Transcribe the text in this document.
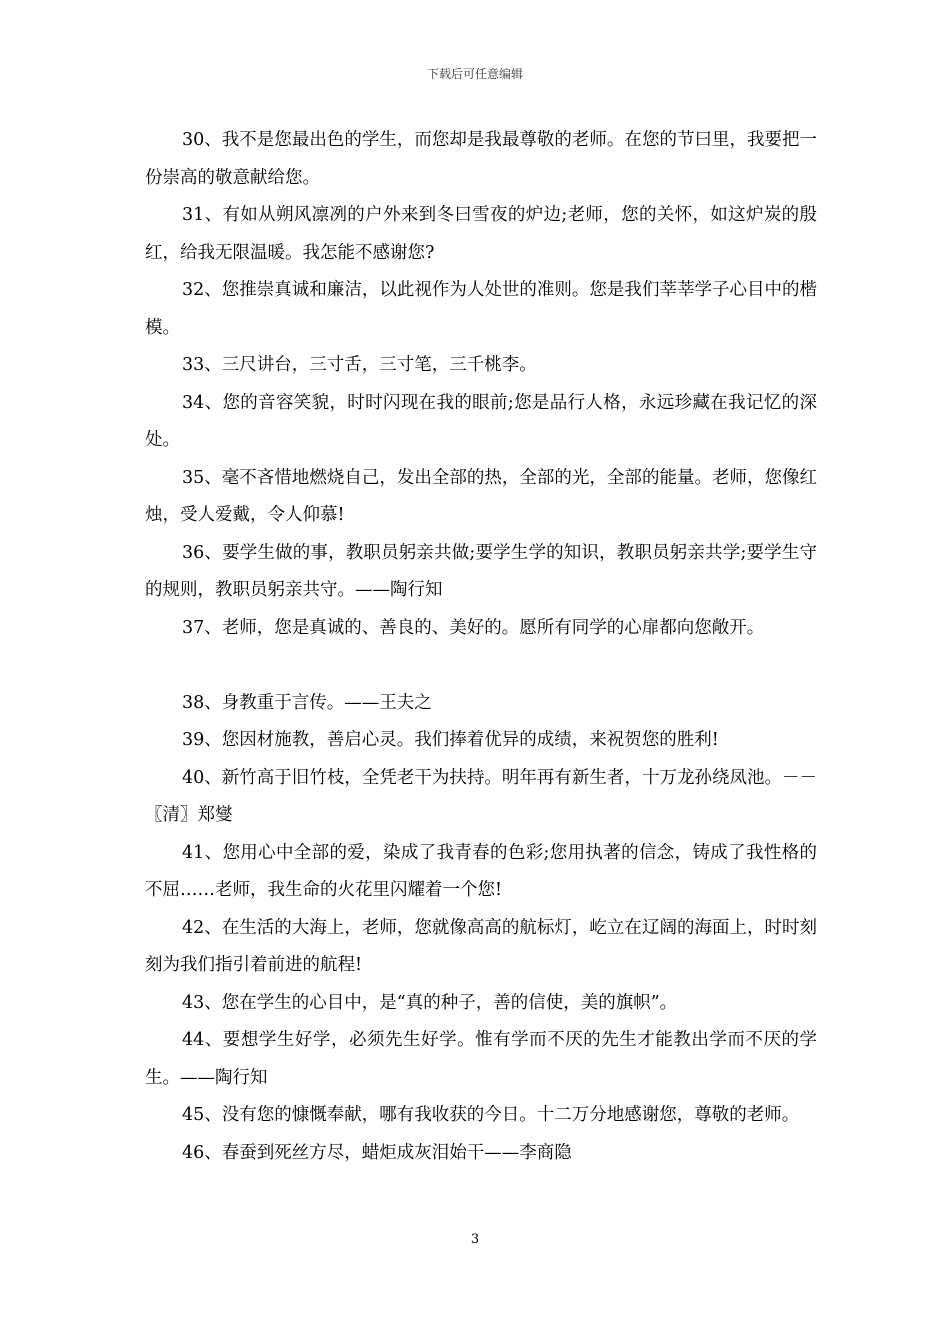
下载后可任意编辑

30、我不是您最出色的学生，而您却是我最尊敬的老师。在您的节曰里，我要把一份崇高的敬意献给您。

31、有如从朔风凛冽的户外来到冬曰雪夜的炉边;老师，您的关怀，如这炉炭的殷红，给我无限温暖。我怎能不感谢您?

32、您推崇真诚和廉洁，以此视作为人处世的准则。您是我们莘莘学子心目中的楷模。

33、三尺讲台，三寸舌，三寸笔，三千桃李。

34、您的音容笑貌，时时闪现在我的眼前;您是品行人格，永远珍藏在我记忆的深处。

35、毫不吝惜地燃烧自己，发出全部的热，全部的光，全部的能量。老师，您像红烛，受人爱戴，令人仰慕!

36、要学生做的事，教职员躬亲共做;要学生学的知识，教职员躬亲共学;要学生守的规则，教职员躬亲共守。——陶行知

37、老师，您是真诚的、善良的、美好的。愿所有同学的心扉都向您敞开。

38、身教重于言传。——王夫之

39、您因材施教，善启心灵。我们捧着优异的成绩，来祝贺您的胜利!

40、新竹高于旧竹枝，全凭老干为扶持。明年再有新生者，十万龙孙绕凤池。－－〖清〗郑燮

41、您用心中全部的爱，染成了我青春的色彩;您用执著的信念，铸成了我性格的不屈……老师，我生命的火花里闪耀着一个您!

42、在生活的大海上，老师，您就像高高的航标灯，屹立在辽阔的海面上，时时刻刻为我们指引着前进的航程!

43、您在学生的心目中，是“真的种子，善的信使，美的旗帜”。

44、要想学生好学，必须先生好学。惟有学而不厌的先生才能教出学而不厌的学生。——陶行知

45、没有您的慷慨奉献，哪有我收获的今日。十二万分地感谢您，尊敬的老师。

46、春蚕到死丝方尽，蜡炬成灰泪始干——李商隐

3
